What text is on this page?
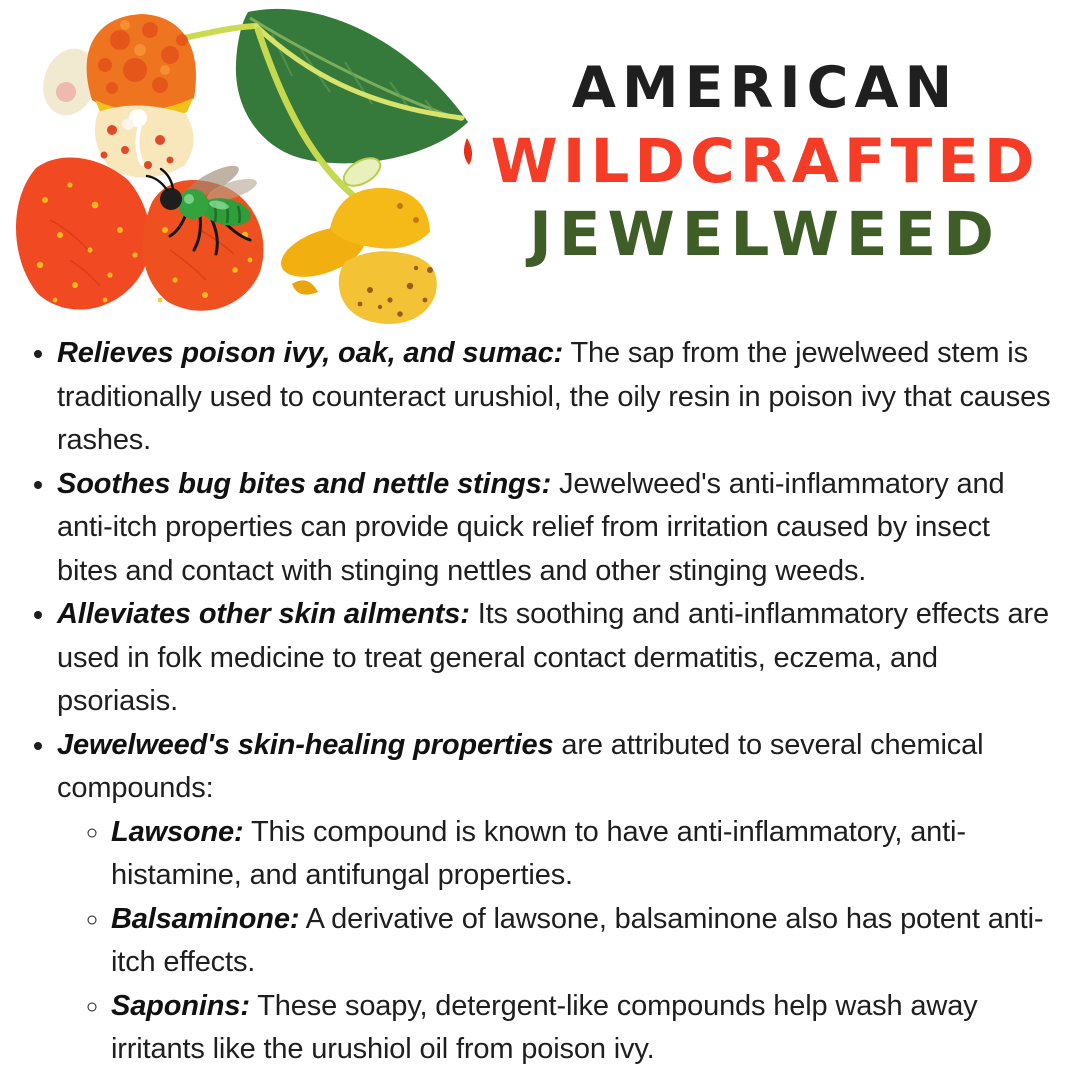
AMERICAN
WILDCRAFTED
JEWELWEED
• Relieves poison ivy, oak, and sumac: The sap from the jewelweed stem is traditionally used to counteract urushiol, the oily resin in poison ivy that causes rashes.
• Soothes bug bites and nettle stings: Jewelweed's anti-inflammatory and anti-itch properties can provide quick relief from irritation caused by insect bites and contact with stinging nettles and other stinging weeds.
• Alleviates other skin ailments: Its soothing and anti-inflammatory effects are used in folk medicine to treat general contact dermatitis, eczema, and psoriasis.
• Jewelweed's skin-healing properties are attributed to several chemical compounds:
◦ Lawsone: This compound is known to have anti-inflammatory, anti-histamine, and antifungal properties.
◦ Balsaminone: A derivative of lawsone, balsaminone also has potent anti-itch effects.
◦ Saponins: These soapy, detergent-like compounds help wash away irritants like the urushiol oil from poison ivy.
